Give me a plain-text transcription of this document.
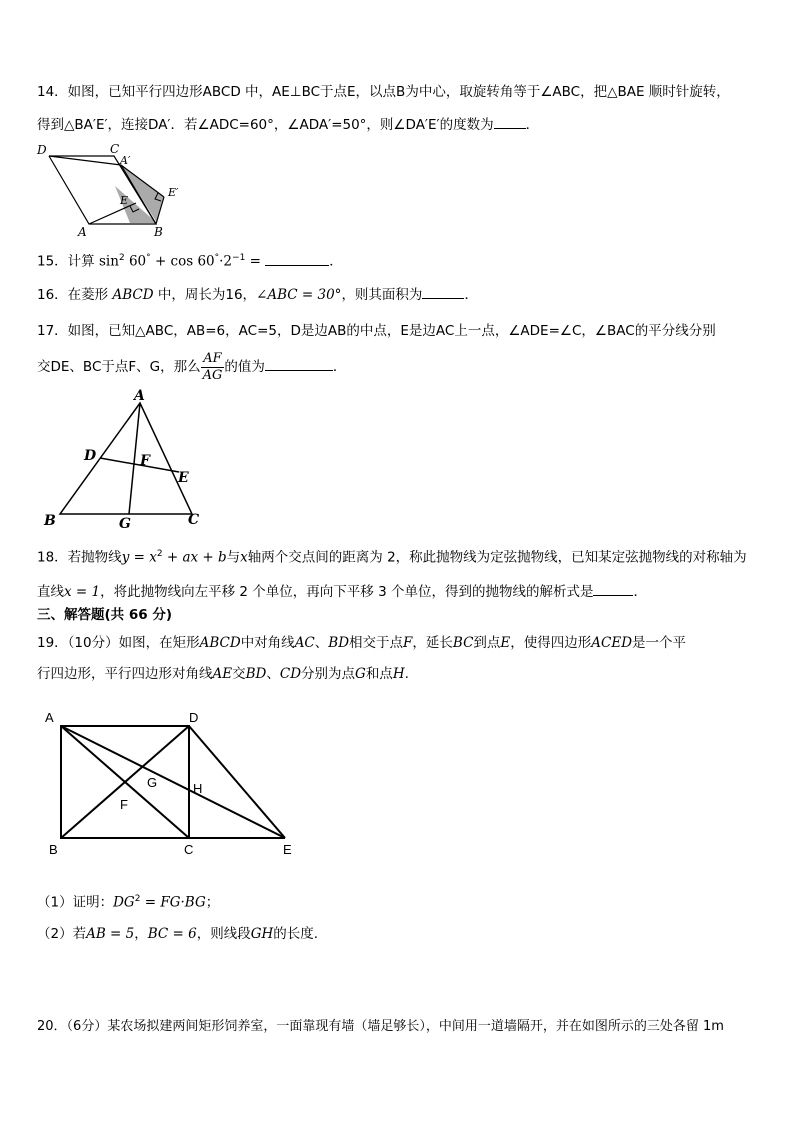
14．如图，已知平行四边形ABCD 中，AE⊥BC于点E，以点B为中心，取旋转角等于∠ABC，把△BAE 顺时针旋转，
得到△BA′E′，连接DA′．若∠ADC=60°，∠ADA′=50°，则∠DA′E′的度数为 ．
D	C
A′
E′
E
A	B
15．计算 $\sin^2 60^\circ + \cos 60^\circ\cdot 2^{-1}$ =	．
16．在菱形 ABCD 中，周长为16，∠ABC = 30°，则其面积为	．
17．如图，已知△ABC，AB=6，AC=5，D是边AB的中点，E是边AC上一点，∠ADE=∠C，∠BAC的平分线分别
交DE、BC于点F、G，那么 $\frac{AF}{AG}$ 的值为	．
A
D	F
E
B	G	C
18．若抛物线$y = x^2$ + ax + b与x轴两个交点间的距离为 2，称此抛物线为定弦抛物线，已知某定弦抛物线的对称轴为
直线x = 1，将此抛物线向左平移 2 个单位，再向下平移 3 个单位，得到的抛物线的解析式是	．
三、解答题(共 66 分)
19．（10分）如图，在矩形ABCD中对角线AC、BD相交于点F，延长BC到点E，使得四边形ACED是一个平
行四边形，平行四边形对角线AE交BD、CD分别为点G和点H.
A	D
G	H
F
B	C	E
（1）证明：$DG^2 = FG\cdot BG$；
（2）若AB = 5，BC = 6，则线段GH的长度.
20．（6分）某农场拟建两间矩形饲养室，一面靠现有墙（墙足够长），中间用一道墙隔开，并在如图所示的三处各留 1m
